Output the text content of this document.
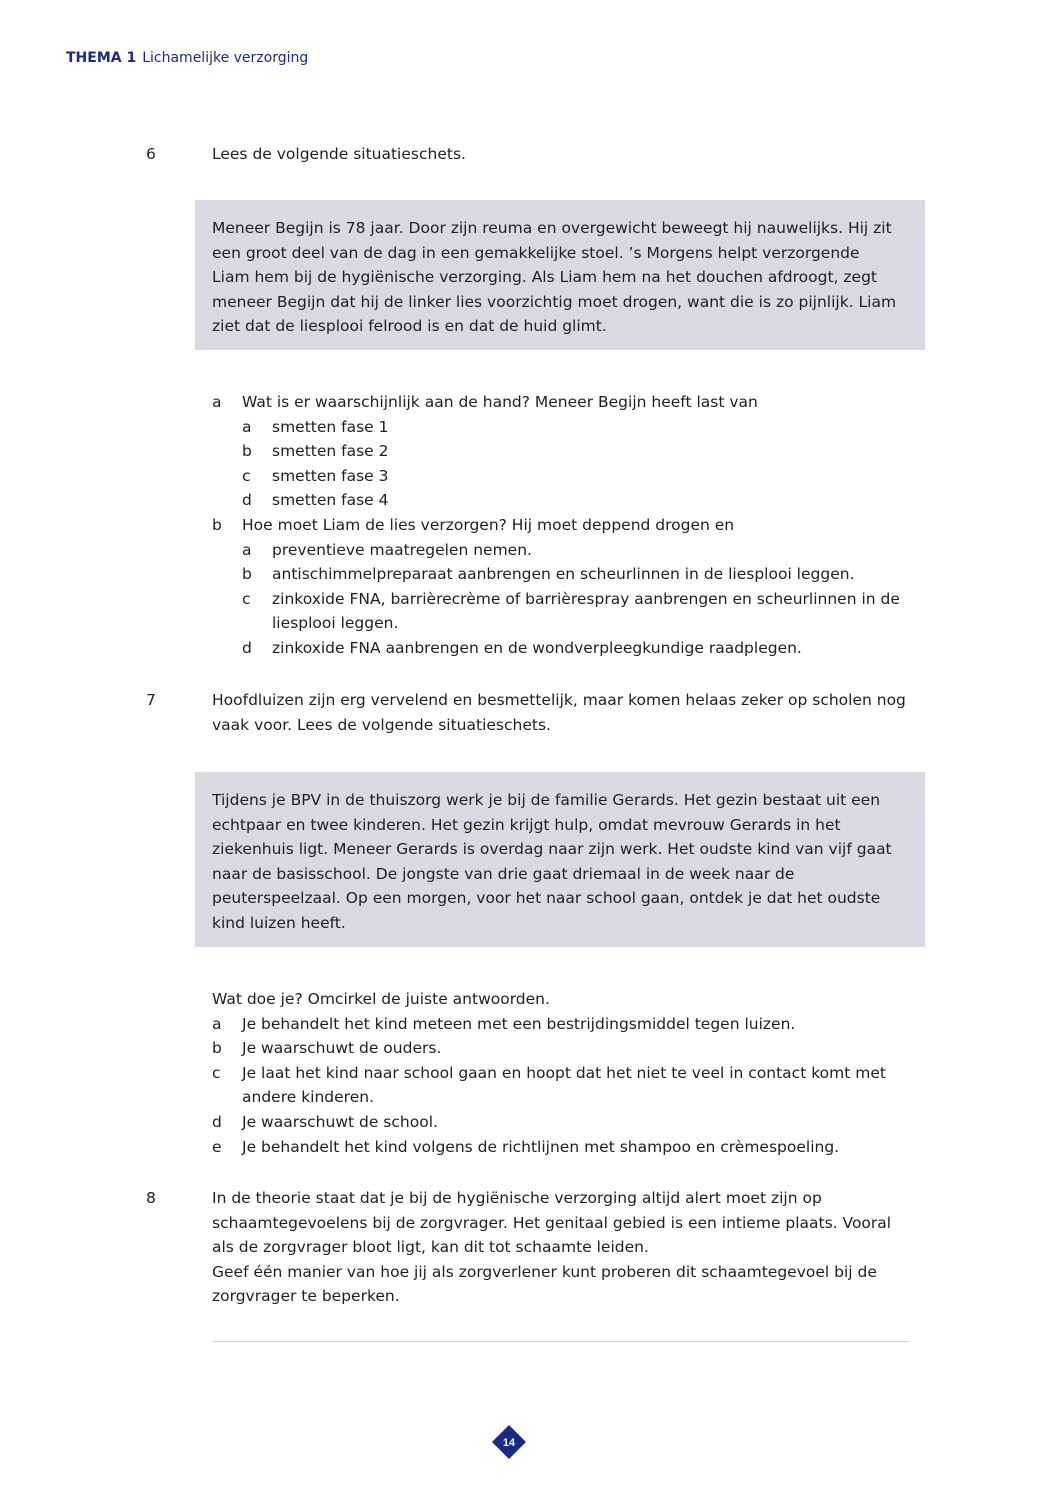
THEMA 1 Lichamelijke verzorging
6	Lees de volgende situatieschets.
Meneer Begijn is 78 jaar. Door zijn reuma en overgewicht beweegt hij nauwelijks. Hij zit een groot deel van de dag in een gemakkelijke stoel. ’s Morgens helpt verzorgende Liam hem bij de hygiënische verzorging. Als Liam hem na het douchen afdroogt, zegt meneer Begijn dat hij de linker lies voorzichtig moet drogen, want die is zo pijnlijk. Liam ziet dat de liesplooi felrood is en dat de huid glimt.
a	Wat is er waarschijnlijk aan de hand? Meneer Begijn heeft last van
a	smetten fase 1
b	smetten fase 2
c	smetten fase 3
d	smetten fase 4
b	Hoe moet Liam de lies verzorgen? Hij moet deppend drogen en
a	preventieve maatregelen nemen.
b	antischimmelpreparaat aanbrengen en scheurlinnen in de liesplooi leggen.
c	zinkoxide FNA, barrièrecrème of barrièrespray aanbrengen en scheurlinnen in de liesplooi leggen.
d	zinkoxide FNA aanbrengen en de wondverpleegkundige raadplegen.
7	Hoofdluizen zijn erg vervelend en besmettelijk, maar komen helaas zeker op scholen nog vaak voor. Lees de volgende situatieschets.
Tijdens je BPV in de thuiszorg werk je bij de familie Gerards. Het gezin bestaat uit een echtpaar en twee kinderen. Het gezin krijgt hulp, omdat mevrouw Gerards in het ziekenhuis ligt. Meneer Gerards is overdag naar zijn werk. Het oudste kind van vijf gaat naar de basisschool. De jongste van drie gaat driemaal in de week naar de peuterspeelzaal. Op een morgen, voor het naar school gaan, ontdek je dat het oudste kind luizen heeft.
Wat doe je? Omcirkel de juiste antwoorden.
a	Je behandelt het kind meteen met een bestrijdingsmiddel tegen luizen.
b	Je waarschuwt de ouders.
c	Je laat het kind naar school gaan en hoopt dat het niet te veel in contact komt met andere kinderen.
d	Je waarschuwt de school.
e	Je behandelt het kind volgens de richtlijnen met shampoo en crèmespoeling.
8	In de theorie staat dat je bij de hygiënische verzorging altijd alert moet zijn op schaamtegevoelens bij de zorgvrager. Het genitaal gebied is een intieme plaats. Vooral als de zorgvrager bloot ligt, kan dit tot schaamte leiden.
Geef één manier van hoe jij als zorgverlener kunt proberen dit schaamtegevoel bij de zorgvrager te beperken.
14
